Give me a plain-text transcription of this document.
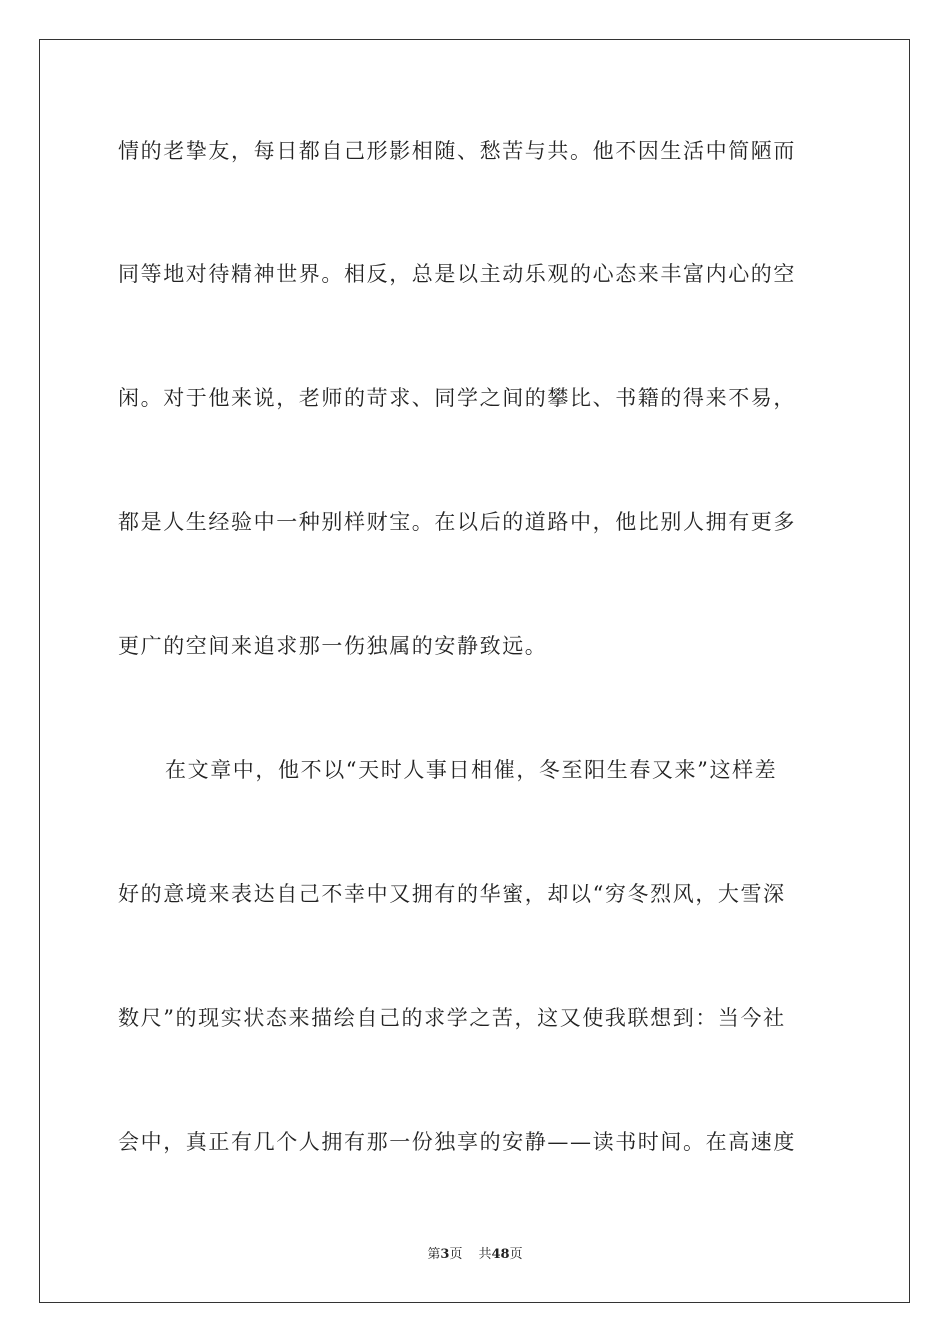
情的老挚友，每日都自己形影相随、愁苦与共。他不因生活中简陋而
同等地对待精神世界。相反，总是以主动乐观的心态来丰富内心的空
闲。对于他来说，老师的苛求、同学之间的攀比、书籍的得来不易，
都是人生经验中一种别样财宝。在以后的道路中，他比别人拥有更多
更广的空间来追求那一伤独属的安静致远。
在文章中，他不以“天时人事日相催，冬至阳生春又来”这样差
好的意境来表达自己不幸中又拥有的华蜜，却以“穷冬烈风，大雪深
数尺”的现实状态来描绘自己的求学之苦，这又使我联想到：当今社
会中，真正有几个人拥有那一份独享的安静——读书时间。在高速度
第3页 共48页
